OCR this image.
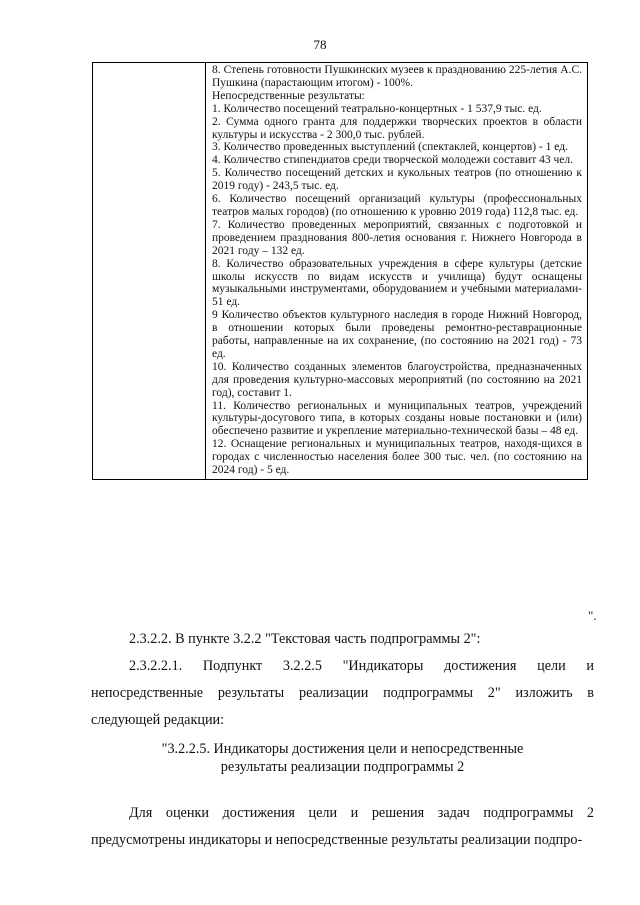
78

8. Степень готовности Пушкинских музеев к празднованию 225-летия А.С. Пушкина (парастающим итогом) - 100%.

Непосредственные результаты:

1. Количество посещений театрально-концертных - 1 537,9 тыс. ед.

2. Сумма одного гранта для поддержки творческих проектов в области культуры и искусства - 2 300,0 тыс. рублей.

3. Количество проведенных выступлений (спектаклей, концертов) - 1 ед.

4. Количество стипендиатов среди творческой молодежи составит 43 чел.

5. Количество посещений детских и кукольных театров (по отношению к 2019 году) - 243,5 тыс. ед.

6. Количество посещений организаций культуры (профессиональных театров малых городов) (по отношению к уровню 2019 года) 112,8 тыс. ед.

7. Количество проведенных мероприятий, связанных с подготовкой и проведением празднования 800-летия основания г. Нижнего Новгорода в 2021 году – 132 ед.

8. Количество образовательных учреждения в сфере культуры (детские школы искусств по видам искусств и училища) будут оснащены музыкальными инструментами, оборудованием и учебными материалами- 51 ед.

9 Количество объектов культурного наследия в городе Нижний Новгород, в отношении которых были проведены ремонтно-реставрационные работы, направленные на их сохранение, (по состоянию на 2021 год) - 73 ед.

10. Количество созданных элементов благоустройства, предназначенных для проведения культурно-массовых мероприятий (по состоянию на 2021 год), составит 1.

11. Количество региональных и муниципальных театров, учреждений культуры-досугового типа, в которых созданы новые постановки и (или) обеспечено развитие и укрепление материально-технической базы – 48 ед.

12. Оснащение региональных и муниципальных театров, находя-щихся в городах с численностью населения более 300 тыс. чел. (по состоянию на 2024 год) - 5 ед.

".

2.3.2.2. В пункте 3.2.2 "Текстовая часть подпрограммы 2":

2.3.2.2.1. Подпункт 3.2.2.5 "Индикаторы достижения цели и непосредственные результаты реализации подпрограммы 2" изложить в следующей редакции:

"3.2.2.5. Индикаторы достижения цели и непосредственные
результаты реализации подпрограммы 2

Для оценки достижения цели и решения задач подпрограммы 2 предусмотрены индикаторы и непосредственные результаты реализации подпро-
